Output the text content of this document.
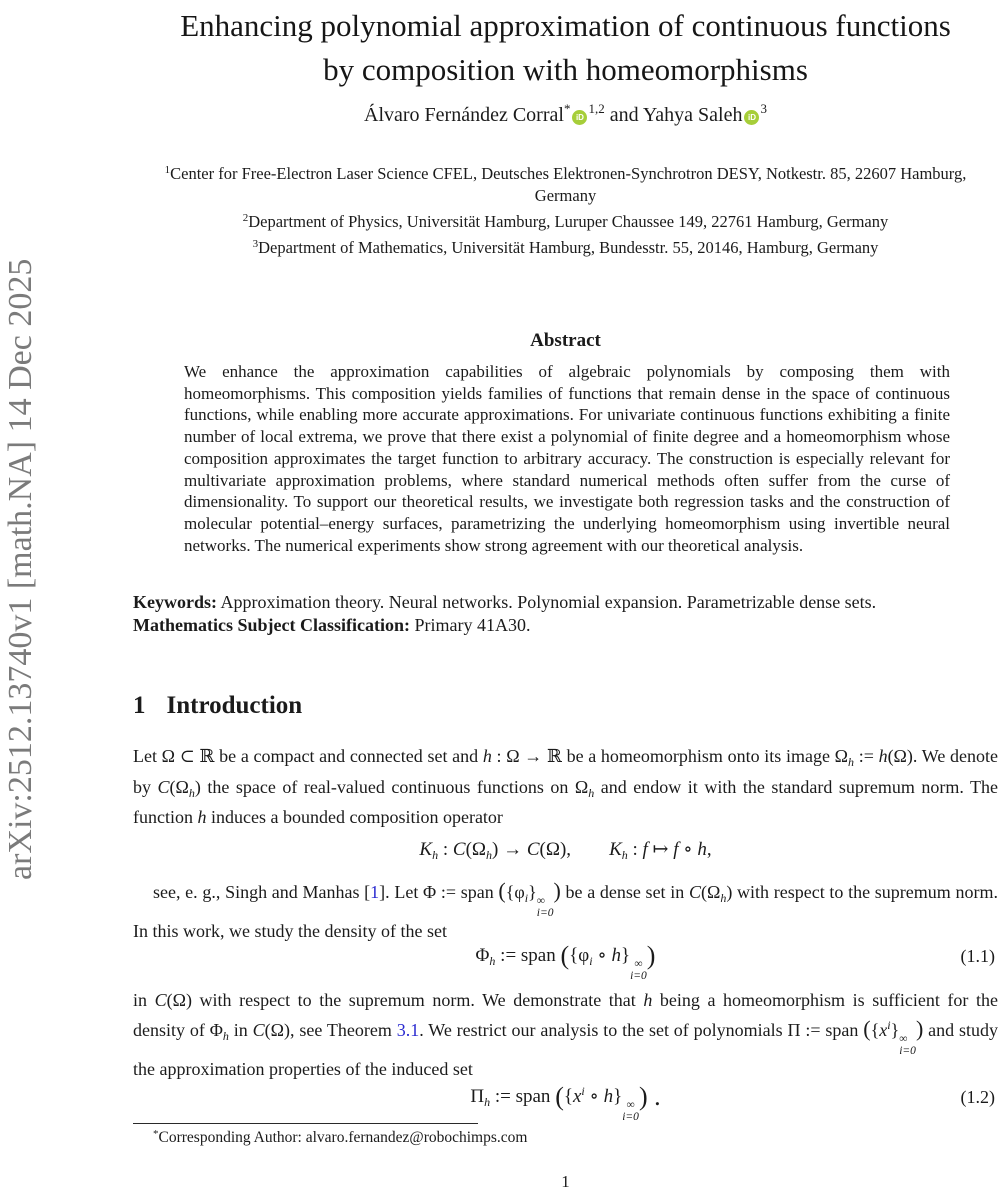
arXiv:2512.13740v1 [math.NA] 14 Dec 2025
Enhancing polynomial approximation of continuous functions
by composition with homeomorphisms
Álvaro Fernández Corral*iD$^{1,2}$ and Yahya Saleh $iD^3$
$^1$Center for Free-Electron Laser Science CFEL, Deutsches Elektronen-Synchrotron DESY, Notkestr. 85, 22607 Hamburg, Germany
$^2$Department of Physics, Universität Hamburg, Luruper Chaussee 149, 22761 Hamburg, Germany
$^3$Department of Mathematics, Universität Hamburg, Bundesstr. 55, 20146, Hamburg, Germany
Abstract
We enhance the approximation capabilities of algebraic polynomials by composing them with homeomorphisms. This composition yields families of functions that remain dense in the space of continuous functions, while enabling more accurate approximations. For univariate continuous functions exhibiting a finite number of local extrema, we prove that there exist a polynomial of finite degree and a homeomorphism whose composition approximates the target function to arbitrary accuracy. The construction is especially relevant for multivariate approximation problems, where standard numerical methods often suffer from the curse of dimensionality. To support our theoretical results, we investigate both regression tasks and the construction of molecular potential–energy surfaces, parametrizing the underlying homeomorphism using invertible neural networks. The numerical experiments show strong agreement with our theoretical analysis.
Keywords: Approximation theory. Neural networks. Polynomial expansion. Parametrizable dense sets.
Mathematics Subject Classification: Primary 41A30.
1 Introduction
Let Ω ⊂ ℝ be a compact and connected set and h : Ω → ℝ be a homeomorphism onto its image $\Omega_h$ := h(Ω). We denote by $C(\Omega_h)$ the space of real-valued continuous functions on $\Omega_h$ and endow it with the standard supremum norm. The function h induces a bounded composition operator
$K_h$ : $C(\Omega_h) \to C(\Omega)$,   $K_h$ : f ↦ f ∘ h,
see, e. g., Singh and Manhas [1]. Let Φ := span ($\{\varphi_i\}$ ∞
i=0
) be a dense set in $C(\Omega_h)$ with respect to the supremum norm. In this work, we study the density of the set
$\Phi_h$ := span ({$\varphi_i$ ∘ h} ∞
i=0
)	(1.1)
in C(Ω) with respect to the supremum norm. We demonstrate that h being a homeomorphism is sufficient for the density of $\Phi_h$ in C(Ω), see Theorem 3.1. We restrict our analysis to the set of polynomials Π := span ($\{x^i\}$ ∞
i=0
) and study the approximation properties of the induced set
$\Pi_h$ := span ({$x^i$ ∘ h} ∞
i=0
) .	(1.2)
*Corresponding Author: alvaro.fernandez@robochimps.com
1
